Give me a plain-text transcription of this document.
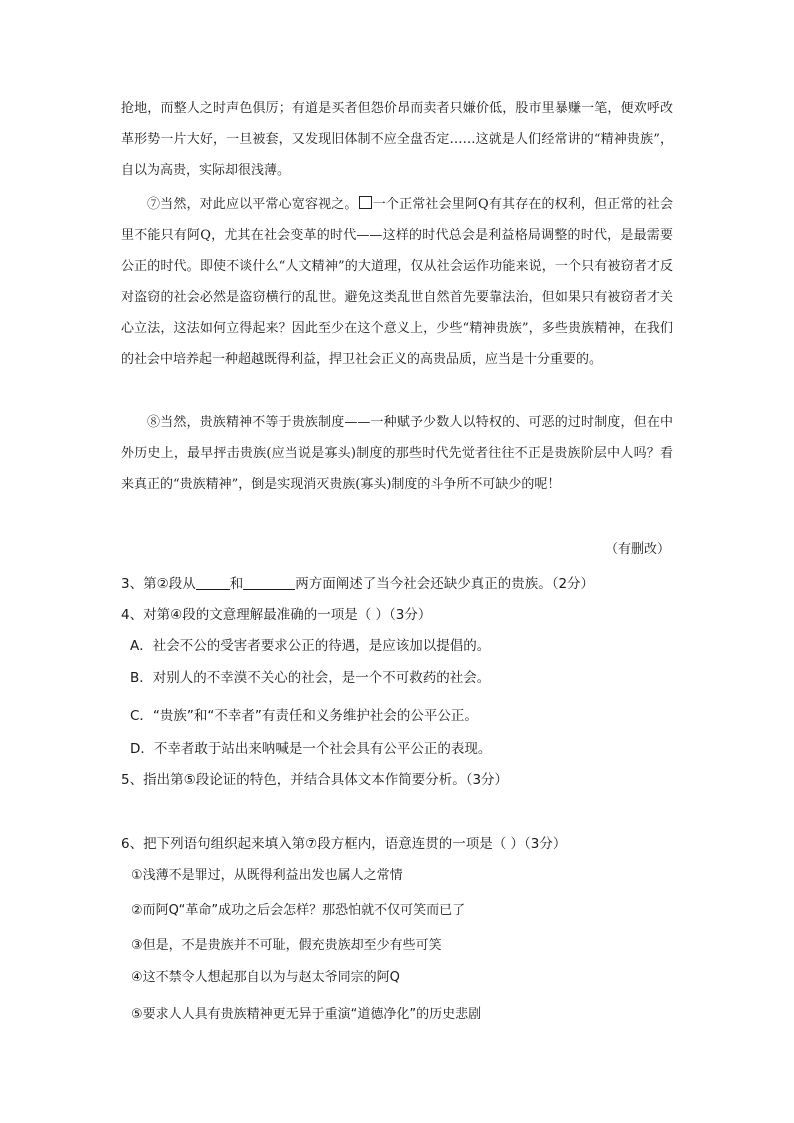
抢地，而整人之时声色俱厉；有道是买者但怨价昂而卖者只嫌价低，股市里暴赚一笔，便欢呼改革形势一片大好，一旦被套，又发现旧体制不应全盘否定……这就是人们经常讲的“精神贵族”，自以为高贵，实际却很浅薄。

⑦当然，对此应以平常心宽容视之。 一个正常社会里阿Q有其存在的权利，但正常的社会里不能只有阿Q，尤其在社会变革的时代——这样的时代总会是利益格局调整的时代，是最需要公正的时代。即使不谈什么“人文精神”的大道理，仅从社会运作功能来说，一个只有被窃者才反对盗窃的社会必然是盗窃横行的乱世。避免这类乱世自然首先要靠法治，但如果只有被窃者才关心立法，这法如何立得起来？因此至少在这个意义上，少些“精神贵族”，多些贵族精神，在我们的社会中培养起一种超越既得利益，捍卫社会正义的高贵品质，应当是十分重要的。

⑧当然，贵族精神不等于贵族制度——一种赋予少数人以特权的、可恶的过时制度，但在中外历史上，最早抨击贵族(应当说是寡头)制度的那些时代先觉者往往不正是贵族阶层中人吗？看来真正的“贵族精神”，倒是实现消灭贵族(寡头)制度的斗争所不可缺少的呢！

（有删改）

3、第②段从	和	两方面阐述了当今社会还缺少真正的贵族。（2分）

4、对第④段的文意理解最准确的一项是（ ）（3分）

A．社会不公的受害者要求公正的待遇，是应该加以提倡的。

B．对别人的不幸漠不关心的社会，是一个不可救药的社会。

C．“贵族”和“不幸者”有责任和义务维护社会的公平公正。

D．不幸者敢于站出来呐喊是一个社会具有公平公正的表现。

5、指出第⑤段论证的特色，并结合具体文本作简要分析。（3分）

6、把下列语句组织起来填入第⑦段方框内，语意连贯的一项是（ ）（3分）

①浅薄不是罪过，从既得利益出发也属人之常情

②而阿Q“革命”成功之后会怎样？那恐怕就不仅可笑而已了

③但是，不是贵族并不可耻，假充贵族却至少有些可笑

④这不禁令人想起那自以为与赵太爷同宗的阿Q

⑤要求人人具有贵族精神更无异于重演“道德净化”的历史悲剧
